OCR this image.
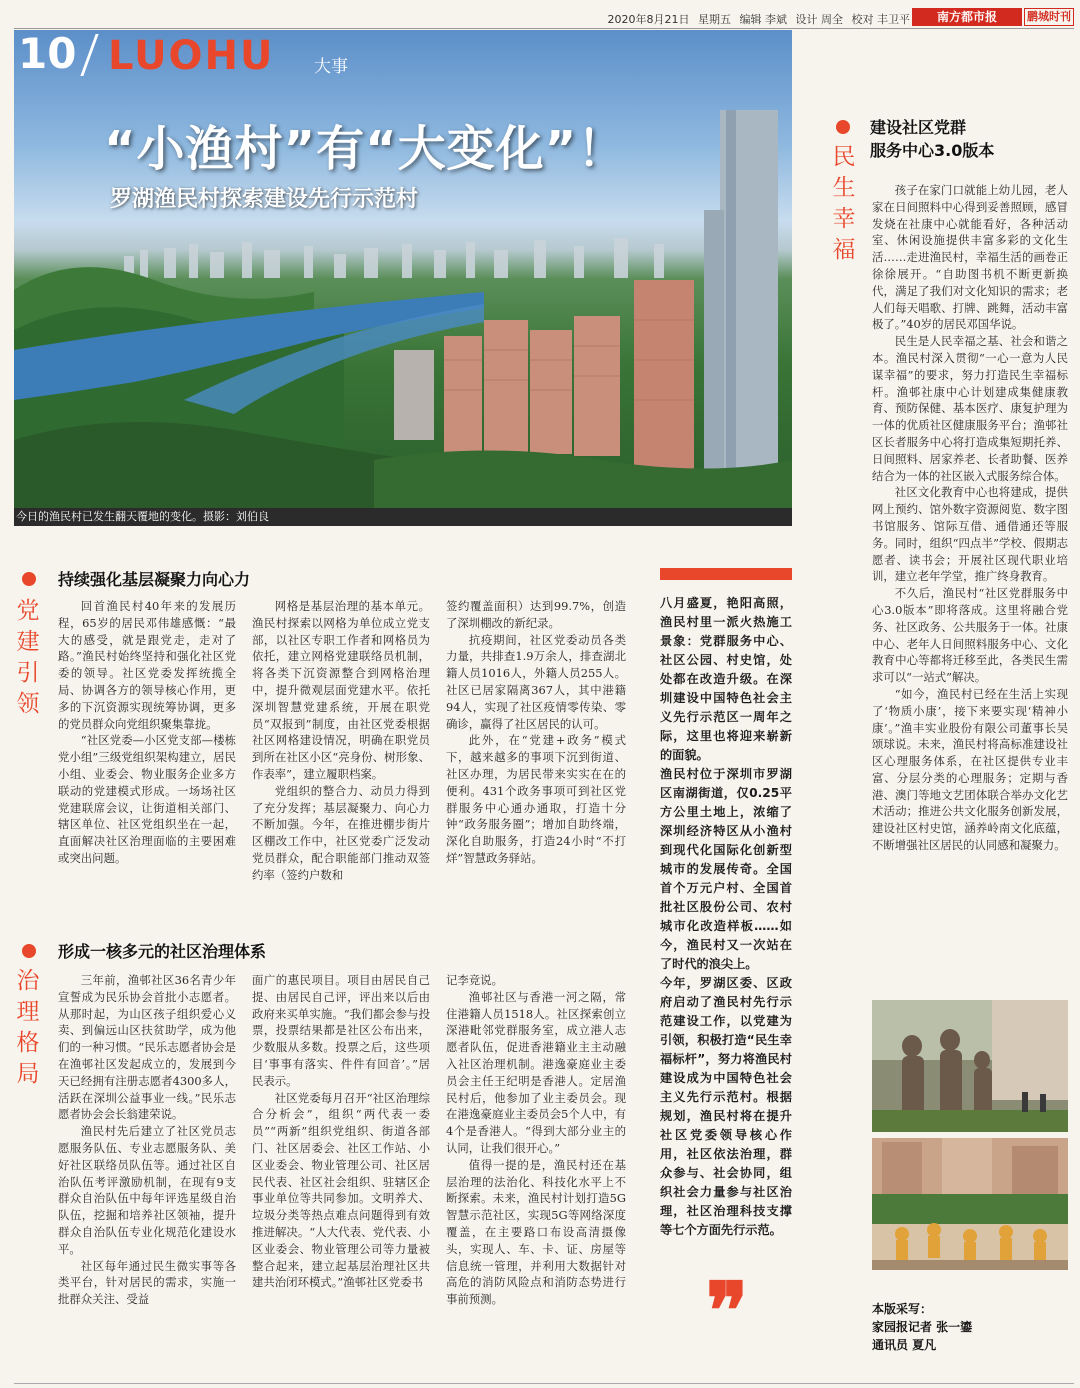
2020年8月21日 星期五 编辑 李斌 设计 周全 校对 丰卫平	南方都市报	鹏城时刊
10 LUOHU 大事
“小渔村”有“大变化”！
罗湖渔民村探索建设先行示范村
今日的渔民村已发生翻天覆地的变化。摄影：刘伯良
持续强化基层凝聚力向心力
党建引领

回首渔民村40年来的发展历程，65岁的居民邓伟雄感慨：“最大的感受，就是跟党走，走对了路。”渔民村始终坚持和强化社区党委的领导。社区党委发挥统揽全局、协调各方的领导核心作用，更多的下沉资源实现统筹协调，更多的党员群众向党组织聚集靠拢。

“社区党委—小区党支部—楼栋党小组”三级党组织架构建立，居民小组、业委会、物业服务企业多方联动的党建模式形成。一场场社区党建联席会议，让街道相关部门、辖区单位、社区党组织坐在一起，直面解决社区治理面临的主要困难或突出问题。

网格是基层治理的基本单元。渔民村探索以网格为单位成立党支部，以社区专职工作者和网格员为依托，建立网格党建联络员机制，将各类下沉资源整合到网格治理中，提升微观层面党建水平。依托深圳智慧党建系统，开展在职党员“双报到”制度，由社区党委根据社区网格建设情况，明确在职党员到所在社区小区“亮身份、树形象、作表率”，建立履职档案。

党组织的整合力、动员力得到了充分发挥；基层凝聚力、向心力不断加强。今年，在推进棚步街片区棚改工作中，社区党委广泛发动党员群众，配合职能部门推动双签约率（签约户数和

签约覆盖面积）达到99.7%，创造了深圳棚改的新纪录。

抗疫期间，社区党委动员各类力量，共排查1.9万余人，排查湖北籍人员1016人，外籍人员255人。社区已居家隔离367人，其中港籍94人，实现了社区疫情零传染、零确诊，赢得了社区居民的认可。

此外，在“党建+政务”模式下，越来越多的事项下沉到街道、社区办理，为居民带来实实在在的便利。431个政务事项可到社区党群服务中心通办通取，打造十分钟“政务服务圈”；增加自助终端，深化自助服务，打造24小时“不打烊”智慧政务驿站。

形成一核多元的社区治理体系
治理格局

三年前，渔邨社区36名青少年宣誓成为民乐协会首批小志愿者。从那时起，为山区孩子组织爱心义卖、到偏远山区扶贫助学，成为他们的一种习惯。“民乐志愿者协会是在渔邨社区发起成立的，发展到今天已经拥有注册志愿者4300多人，活跃在深圳公益事业一线。”民乐志愿者协会会长翁建荣说。

渔民村先后建立了社区党员志愿服务队伍、专业志愿服务队、美好社区联络员队伍等。通过社区自治队伍考评激励机制，在现有9支群众自治队伍中每年评选星级自治队伍，挖掘和培养社区领袖，提升群众自治队伍专业化规范化建设水平。

社区每年通过民生微实事等各类平台，针对居民的需求，实施一批群众关注、受益

面广的惠民项目。项目由居民自己提、由居民自己评，评出来以后由政府来买单实施。“我们都会参与投票，投票结果都是社区公布出来，少数服从多数。投票之后，这些项目‘事事有落实、件件有回音’。”居民表示。

社区党委每月召开“社区治理综合分析会”，组织“两代表一委员”“两新”组织党组织、街道各部门、社区居委会、社区工作站、小区业委会、物业管理公司、社区居民代表、社区社会组织、驻辖区企事业单位等共同参加。文明养犬、垃圾分类等热点难点问题得到有效推进解决。“人大代表、党代表、小区业委会、物业管理公司等力量被整合起来，建立起基层治理社区共建共治闭环模式。”渔邨社区党委书

记李竞说。

渔邨社区与香港一河之隔，常住港籍人员1518人。社区探索创立深港毗邻党群服务室，成立港人志愿者队伍，促进香港籍业主主动融入社区治理机制。港逸豪庭业主委员会主任王纪明是香港人。定居渔民村后，他参加了业主委员会。现在港逸豪庭业主委员会5个人中，有4个是香港人。“得到大部分业主的认同，让我们很开心。”

值得一提的是，渔民村还在基层治理的法治化、科技化水平上不断探索。未来，渔民村计划打造5G智慧示范社区，实现5G等网络深度覆盖，在主要路口布设高清摄像头，实现人、车、卡、证、房屋等信息统一管理，并利用大数据针对高危的消防风险点和消防态势进行事前预测。

八月盛夏，艳阳高照，渔民村里一派火热施工景象：党群服务中心、社区公园、村史馆，处处都在改造升级。在深圳建设中国特色社会主义先行示范区一周年之际，这里也将迎来崭新的面貌。

渔民村位于深圳市罗湖区南湖街道，仅0.25平方公里土地上，浓缩了深圳经济特区从小渔村到现代化国际化创新型城市的发展传奇。全国首个万元户村、全国首批社区股份公司、农村城市化改造样板……如今，渔民村又一次站在了时代的浪尖上。

今年，罗湖区委、区政府启动了渔民村先行示范建设工作，以党建为引领，积极打造“民生幸福标杆”，努力将渔民村建设成为中国特色社会主义先行示范村。根据规划，渔民村将在提升社区党委领导核心作用，社区依法治理，群众参与、社会协同，组织社会力量参与社区治理，社区治理科技支撑等七个方面先行示范。

❞
建设社区党群
服务中心3.0版本
民生幸福

孩子在家门口就能上幼儿园，老人家在日间照料中心得到妥善照顾，感冒发烧在社康中心就能看好，各种活动室、休闲设施提供丰富多彩的文化生活……走进渔民村，幸福生活的画卷正徐徐展开。“自助图书机不断更新换代，满足了我们对文化知识的需求；老人们每天唱歌、打牌、跳舞，活动丰富极了。”40岁的居民邓国华说。

民生是人民幸福之基、社会和谐之本。渔民村深入贯彻“一心一意为人民谋幸福”的要求，努力打造民生幸福标杆。渔邨社康中心计划建成集健康教育、预防保健、基本医疗、康复护理为一体的优质社区健康服务平台；渔邨社区长者服务中心将打造成集短期托养、日间照料、居家养老、长者助餐、医养结合为一体的社区嵌入式服务综合体。

社区文化教育中心也将建成，提供网上预约、馆外数字资源阅览、数字图书馆服务、馆际互借、通借通还等服务。同时，组织“四点半”学校、假期志愿者、读书会；开展社区现代职业培训，建立老年学堂，推广终身教育。

不久后，渔民村“社区党群服务中心3.0版本”即将落成。这里将融合党务、社区政务、公共服务于一体。社康中心、老年人日间照料服务中心、文化教育中心等都将迁移至此，各类民生需求可以“一站式”解决。

“如今，渔民村已经在生活上实现了‘物质小康’，接下来要实现‘精神小康’。”渔丰实业股份有限公司董事长吴颂球说。未来，渔民村将高标准建设社区心理服务体系，在社区提供专业丰富、分层分类的心理服务；定期与香港、澳门等地文艺团体联合举办文化艺术活动；推进公共文化服务创新发展，建设社区村史馆，涵养岭南文化底蕴，不断增强社区居民的认同感和凝聚力。

本版采写：
家园报记者 张一鎏
通讯员 夏凡
